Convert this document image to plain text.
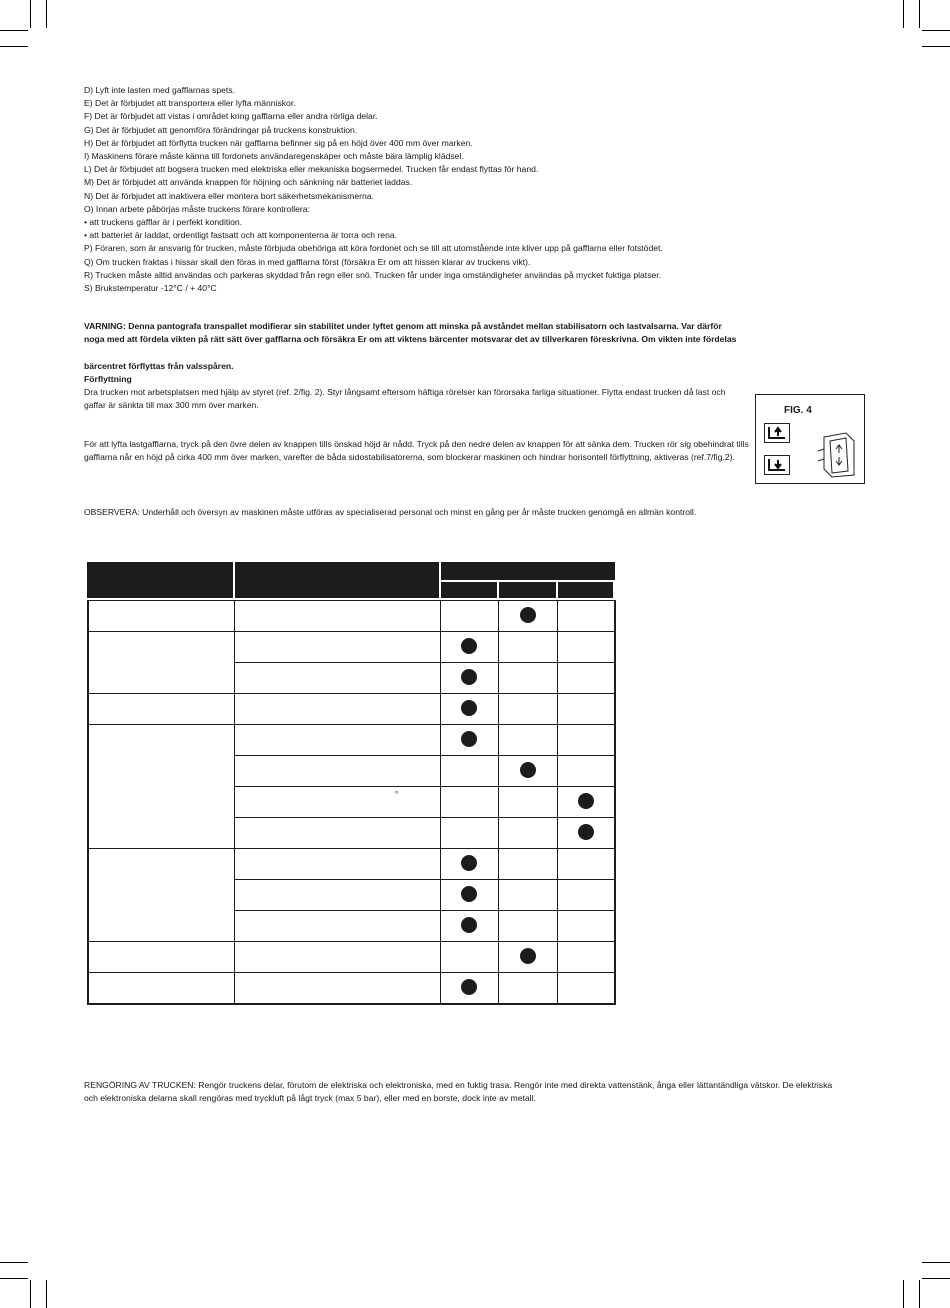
D) Lyft inte lasten med gafflarnas spets.

E) Det är förbjudet att transportera eller lyfta människor.

F) Det är förbjudet att vistas i området kring gafflarna eller andra rörliga delar.

G) Det är förbjudet att genomföra förändringar på truckens konstruktion.

H) Det är förbjudet att förflytta trucken när gafflarna befinner sig på en höjd över 400 mm över marken.

I) Maskinens förare måste känna till fordonets användaregenskaper och måste bära lämplig klädsel.

L) Det är förbjudet att bogsera trucken med elektriska eller mekaniska bogsermedel. Trucken får endast flyttas för hand.

M) Det är förbjudet att använda knappen för höjning och sänkning när batteriet laddas.

N) Det är förbjudet att inaktivera eller montera bort säkerhetsmekanismerna.

O) Innan arbete påbörjas måste truckens förare kontrollera:

• att truckens gafflar är i perfekt kondition.

• att batteriet är laddat, ordentligt fastsatt och att komponenterna är torra och rena.

P) Föraren, som är ansvarig för trucken, måste förbjuda obehöriga att köra fordonet och se till att utomstående inte kliver upp på gafflarna eller fotstödet.

Q) Om trucken fraktas i hissar skall den föras in med gafflarna först (försäkra Er om att hissen klarar av truckens vikt).

R) Trucken måste alltid användas och parkeras skyddad från regn eller snö. Trucken får under inga omständigheter användas på mycket fuktiga platser.

S) Brukstemperatur -12°C / + 40°C

VARNING: Denna pantografa transpallet modifierar sin stabilitet under lyftet genom att minska på avståndet mellan stabilisatorn och lastvalsarna. Var därför

noga med att fördela vikten på rätt sätt över gafflarna och försäkra Er om att viktens bärcenter motsvarar det av tillverkaren föreskrivna. Om vikten inte fördelas

bärcentret förflyttas från valsspåren.
Förflyttning
Dra trucken mot arbetsplatsen med hjälp av styret (ref. 2/fig. 2). Styr långsamt eftersom häftiga rörelser kan förorsaka farliga situationer. Flytta endast trucken då last och gaffar är sänkta till max 300 mm över marken.
För att lyfta lastgafflarna, tryck på den övre delen av knappen tills önskad höjd är nådd. Tryck på den nedre delen av knappen för att sänka dem. Trucken rör sig obehindrat tills gafflarna når en höjd på cirka 400 mm över marken, varefter de båda sidostabilisatorerna, som blockerar maskinen och hindrar horisontell förflyttning, aktiveras (ref.7/fig.2).
FIG. 4
OBSERVERA: Underhåll och översyn av maskinen måste utföras av specialiserad personal och minst en gång per år måste trucken genomgå en allmän kontroll.
°
RENGÖRING AV TRUCKEN: Rengör truckens delar, förutom de elektriska och elektroniska, med en fuktig trasa. Rengör inte med direkta vattenstänk, ånga eller lättantändliga vätskor. De elektriska och elektroniska delarna skall rengöras med tryckluft på lågt tryck (max 5 bar), eller med en borste, dock inte av metall.
